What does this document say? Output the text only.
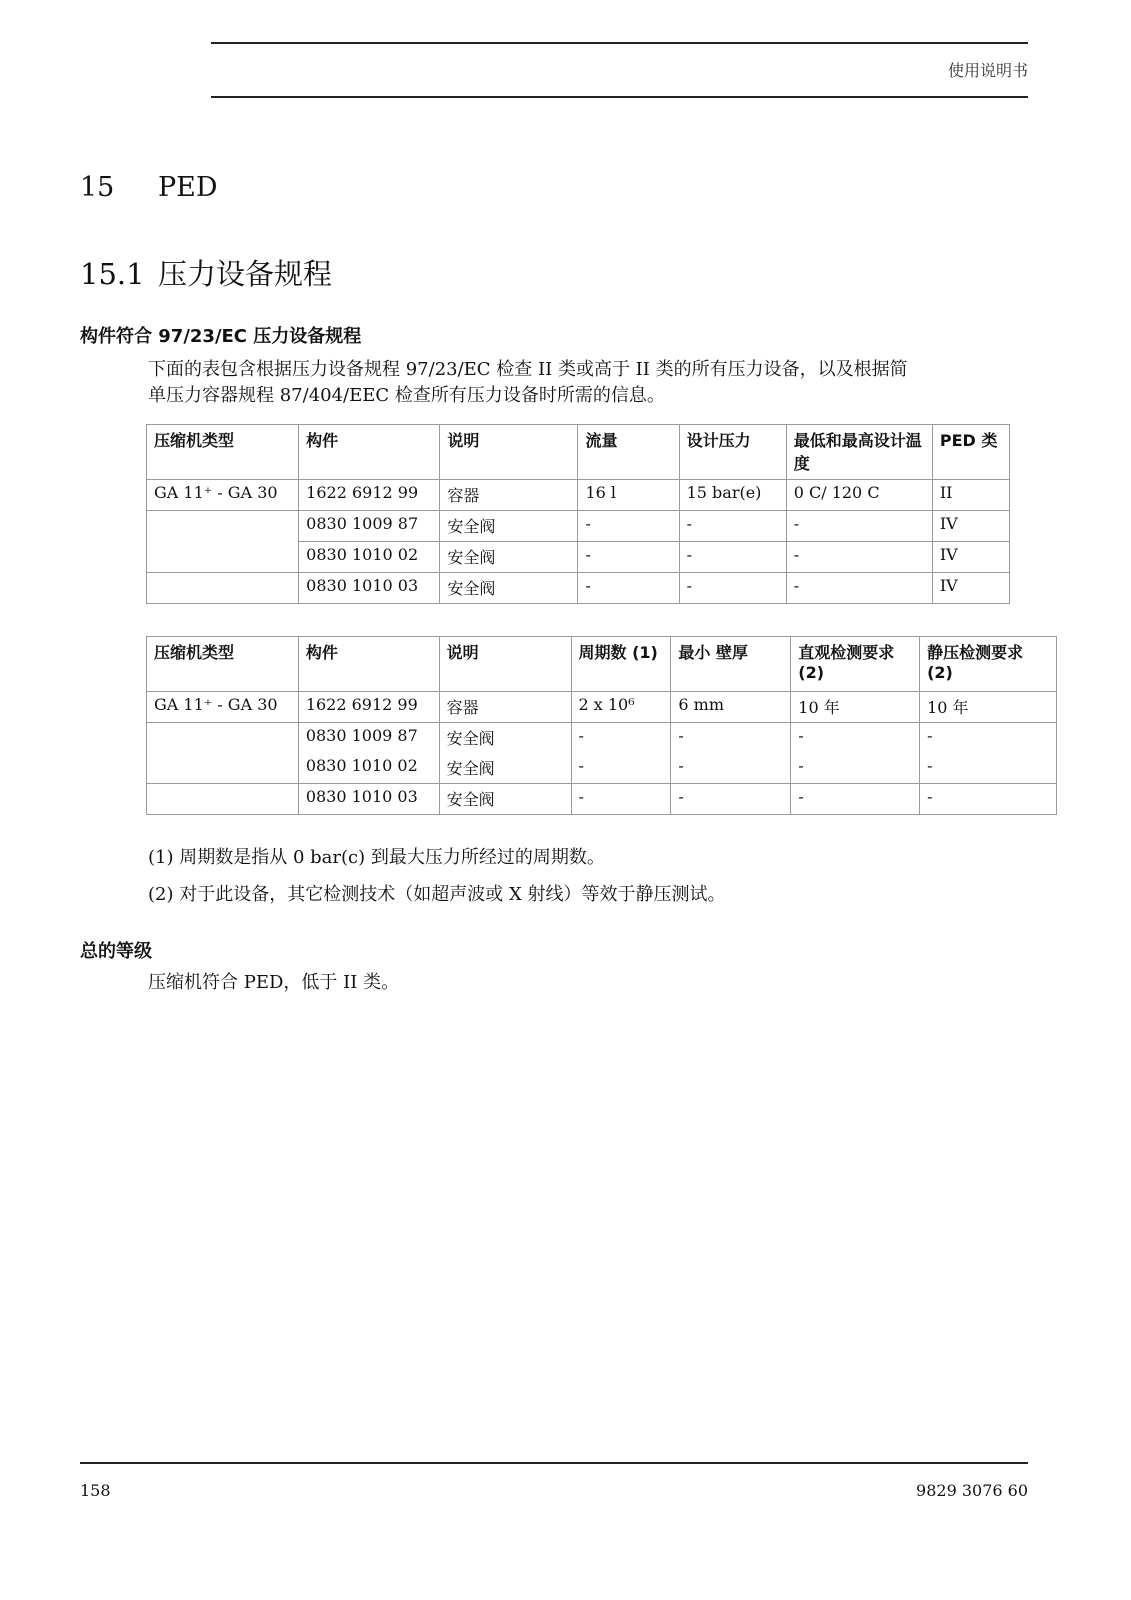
使用说明书
15 PED
15.1 压力设备规程
构件符合 97/23/EC 压力设备规程
下面的表包含根据压力设备规程 97/23/EC 检查 II 类或高于 II 类的所有压力设备，以及根据简
单压力容器规程 87/404/EEC 检查所有压力设备时所需的信息。
压缩机类型	构件	说明	流量	设计压力	最低和最高设计温度	PED 类
GA 11⁺ - GA 30	1622 6912 99	容器	16 l	15 bar(e)	0 C/ 120 C	II
	0830 1009 87	安全阀	-	-	-	IV
	0830 1010 02	安全阀	-	-	-	IV
	0830 1010 03	安全阀	-	-	-	IV
压缩机类型	构件	说明	周期数 (1)	最小 壁厚	直观检测要求 (2)	静压检测要求 (2)
GA 11⁺ - GA 30	1622 6912 99	容器	2 x 10⁶	6 mm	10 年	10 年
	0830 1009 87	安全阀	-	-	-	-
	0830 1010 02	安全阀	-	-	-	-
	0830 1010 03	安全阀	-	-	-	-
(1) 周期数是指从 0 bar(c) 到最大压力所经过的周期数。
(2) 对于此设备，其它检测技术（如超声波或 X 射线）等效于静压测试。
总的等级
压缩机符合 PED，低于 II 类。
158	9829 3076 60
